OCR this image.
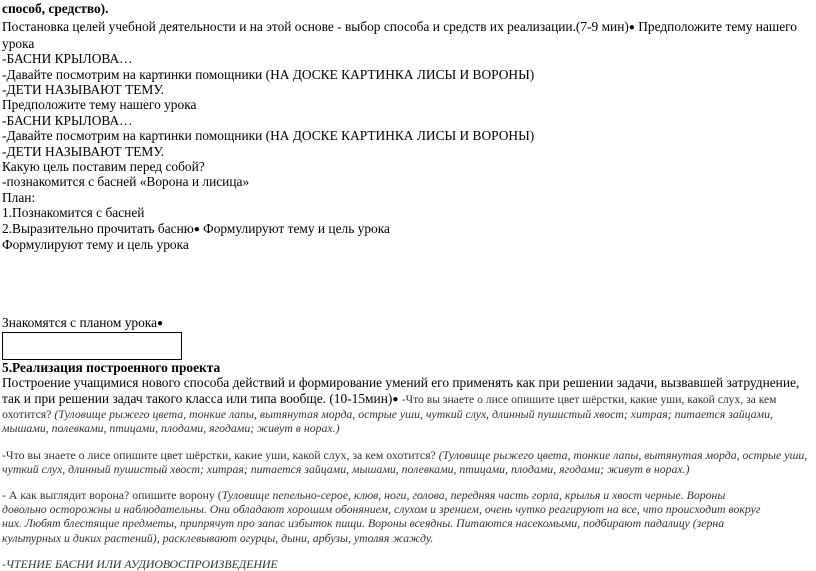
способ, средство).
Постановка целей учебной деятельности и на этой основе - выбор способа и средств их реализации.(7-9 мин)● Предположите тему нашего
урока
-БАСНИ КРЫЛОВА…
-Давайте посмотрим на картинки помощники (НА ДОСКЕ КАРТИНКА ЛИСЫ И ВОРОНЫ)
-ДЕТИ НАЗЫВАЮТ ТЕМУ.
Предположите тему нашего урока
-БАСНИ КРЫЛОВА…
-Давайте посмотрим на картинки помощники (НА ДОСКЕ КАРТИНКА ЛИСЫ И ВОРОНЫ)
-ДЕТИ НАЗЫВАЮТ ТЕМУ.
Какую цель поставим перед собой?
-познакомится с басней «Ворона и лисица»
План:
1.Познакомится с басней
2.Выразительно прочитать басню● Формулируют тему и цель урока
Формулируют тему и цель урока
Знакомятся с планом урока●
5.Реализация построенного проекта
Построение учащимися нового способа действий и формирование умений его применять как при решении задачи, вызвавшей затруднение,
так и при решении задач такого класса или типа вообще. (10-15мин)● -Что вы знаете о лисе опишите цвет шёрстки, какие уши, какой слух, за кем
охотится? (Туловище рыжего цвета, тонкие лапы, вытянутая морда, острые уши, чуткий слух, длинный пушистый хвост; хитрая; питается зайцами, мышами, полевками, птицами, плодами, ягодами; живут в норах.)
-Что вы знаете о лисе опишите цвет шёрстки, какие уши, какой слух, за кем охотится? (Туловище рыжего цвета, тонкие лапы, вытянутая морда, острые уши, чуткий слух, длинный пушистый хвост; хитрая; питается зайцами, мышами, полевками, птицами, плодами, ягодами; живут в норах.)
- А как выглядит ворона? опишите ворону (Туловище пепельно-серое, клюв, ноги, голова, передняя часть горла, крылья и хвост черные. Вороны довольно осторожны и наблюдательны. Они обладают хорошим обонянием, слухом и зрением, очень чутко реагируют на все, что происходит вокруг них. Любят блестящие предметы, припрячут про запас избыток пищи. Вороны всеядны. Питаются насекомыми, подбирают падалицу (зерна культурных и диких растений), расклевывают огурцы, дыни, арбузы, утоляя жажду.
-ЧТЕНИЕ БАСНИ ИЛИ АУДИОВОСПРОИЗВЕДЕНИЕ
